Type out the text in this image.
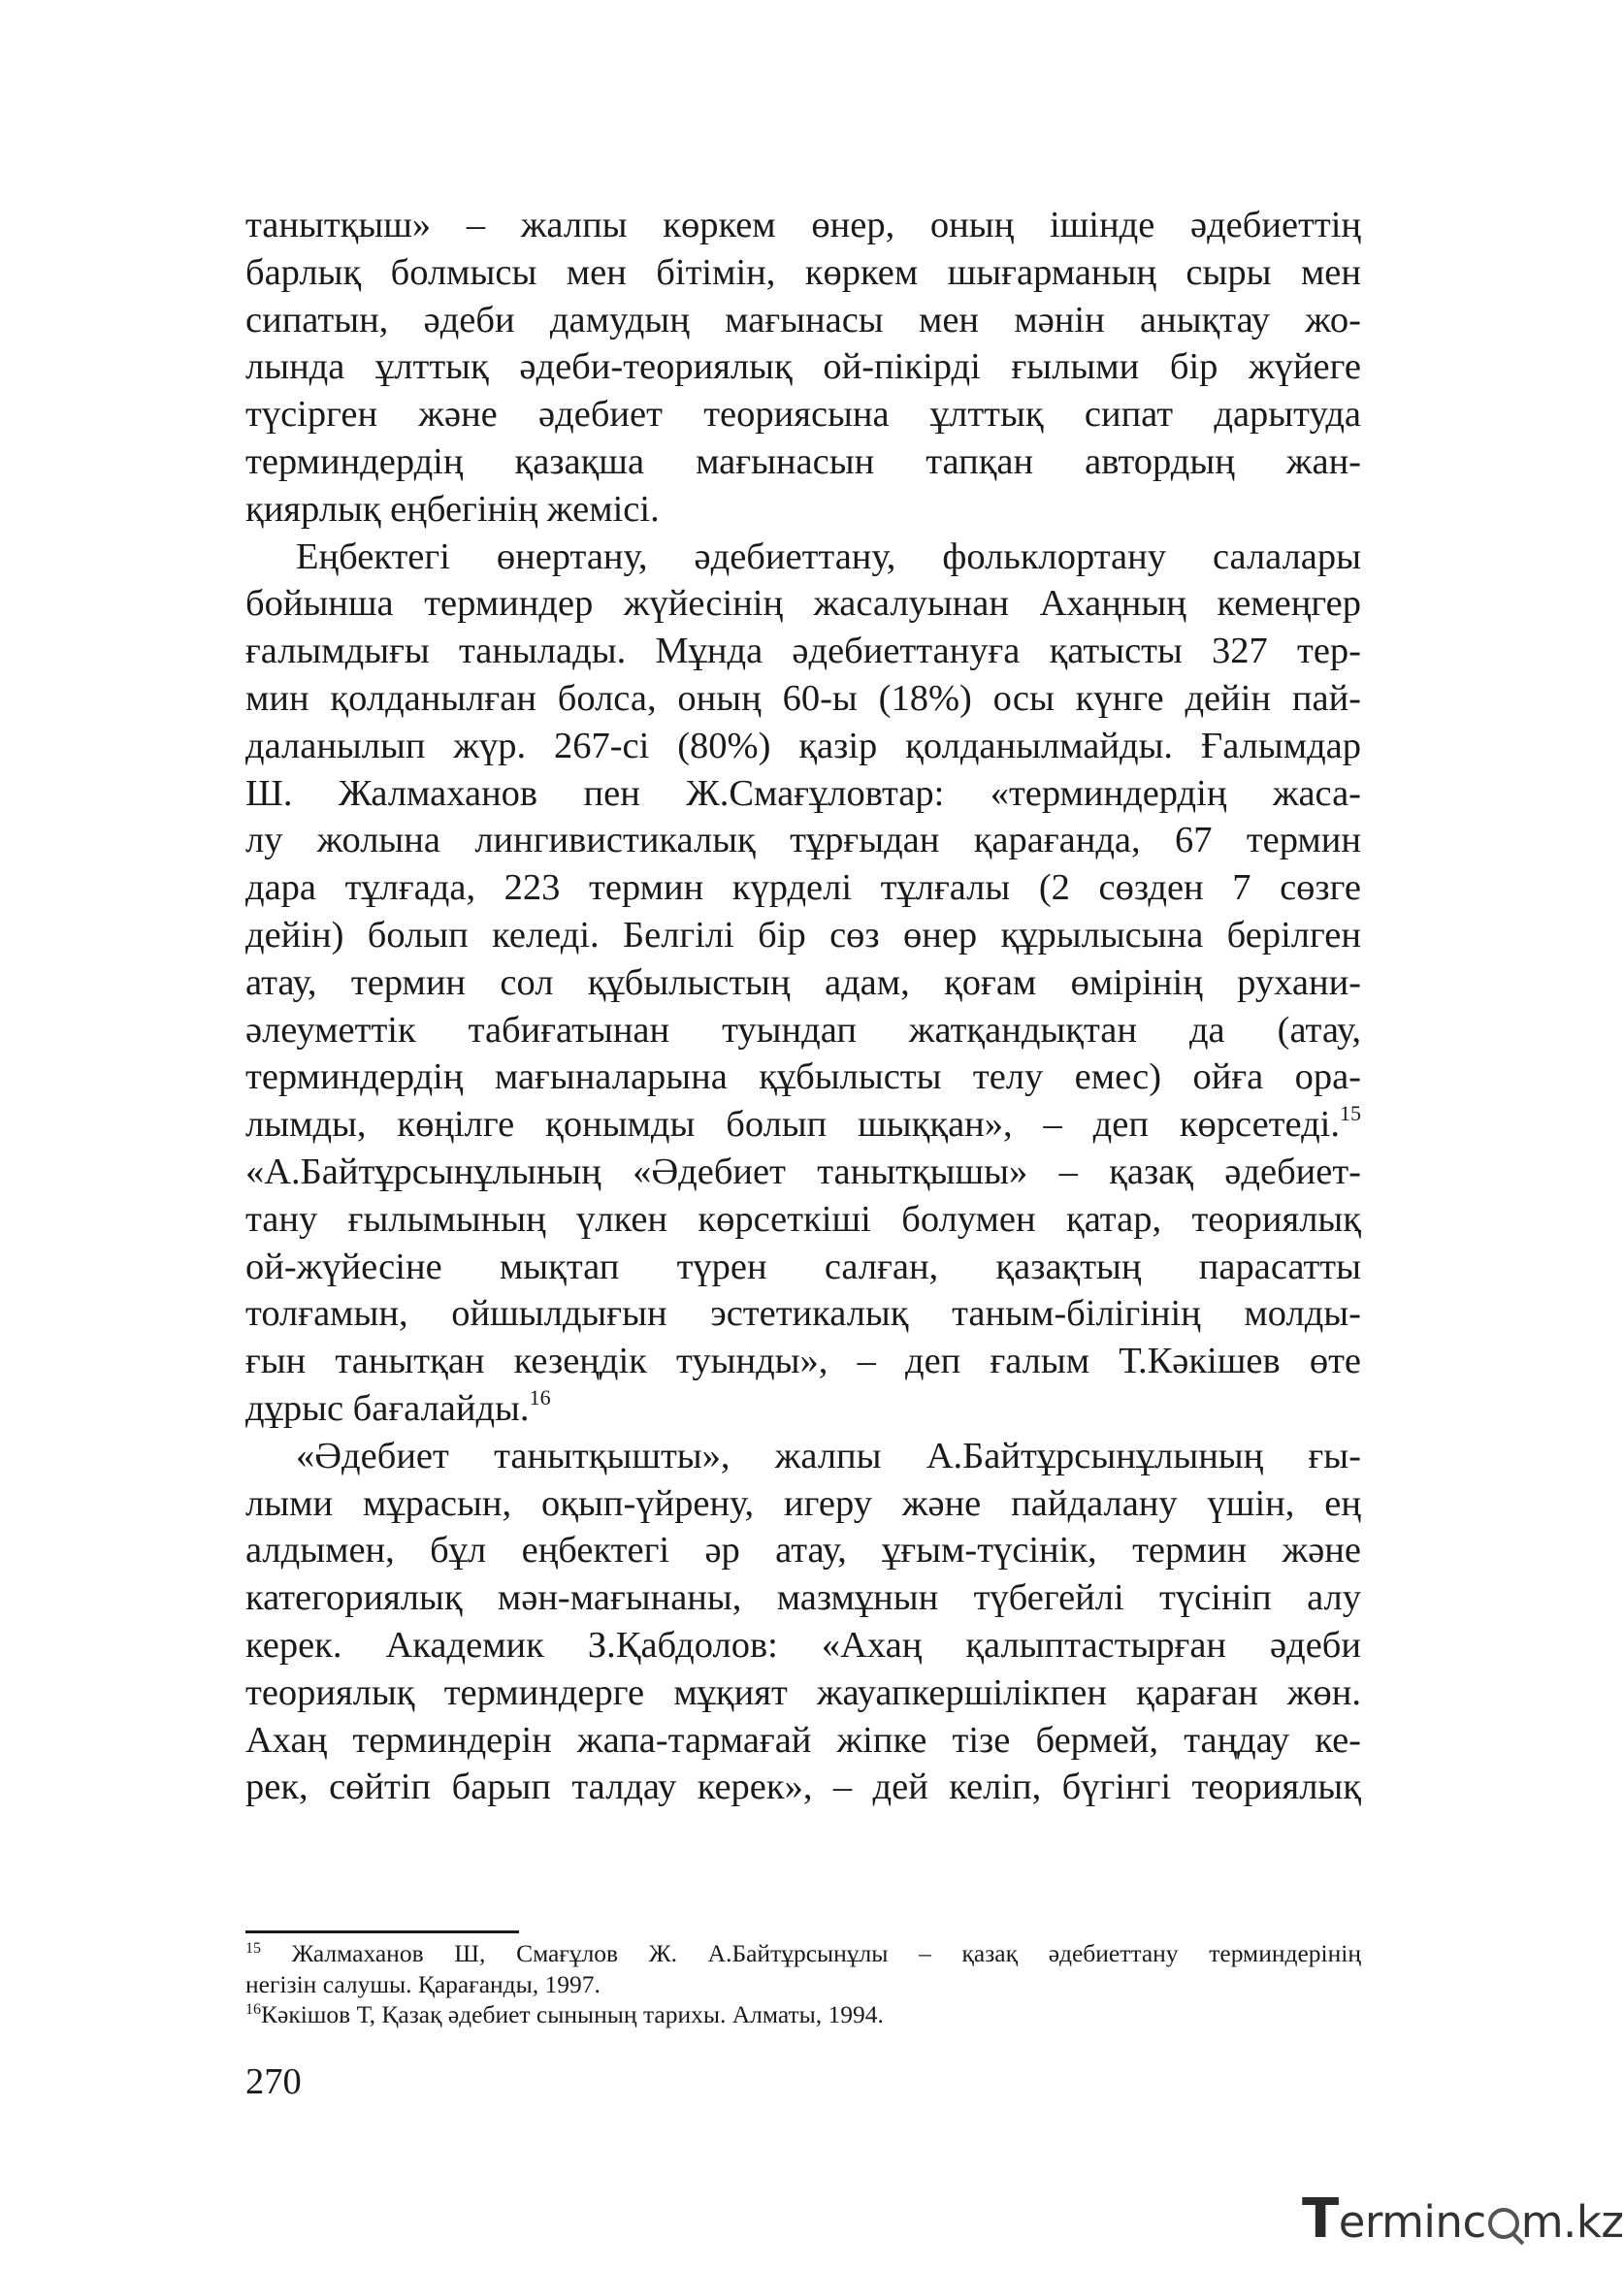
танытқыш» – жалпы көркем өнер, оның ішінде әдебиеттің
барлық болмысы мен бітімін, көркем шығарманың сыры мен
сипатын, әдеби дамудың мағынасы мен мәнін анықтау жо-
лында ұлттық әдеби-теориялық ой-пікірді ғылыми бір жүйеге
түсірген және әдебиет теориясына ұлттық сипат дарытуда
терминдердің қазақша мағынасын тапқан автордың жан-
қиярлық еңбегінің жемісі.
Еңбектегі өнертану, әдебиеттану, фольклортану салалары
бойынша терминдер жүйесінің жасалуынан Ахаңның кемеңгер
ғалымдығы танылады. Мұнда әдебиеттануға қатысты 327 тер-
мин қолданылған болса, оның 60-ы (18%) осы күнге дейін пай-
даланылып жүр. 267-сі (80%) қазір қолданылмайды. Ғалымдар
Ш. Жалмаханов пен Ж.Смағұловтар: «терминдердің жаса-
лу жолына лингивистикалық тұрғыдан қарағанда, 67 термин
дара тұлғада, 223 термин күрделі тұлғалы (2 сөзден 7 сөзге
дейін) болып келеді. Белгілі бір сөз өнер құрылысына берілген
атау, термин сол құбылыстың адам, қоғам өмірінің рухани-
әлеуметтік табиғатынан туындап жатқандықтан да (атау,
терминдердің мағыналарына құбылысты телу емес) ойға ора-
лымды, көңілге қонымды болып шыққан», – деп көрсетеді.$^{15}$
«А.Байтұрсынұлының «Әдебиет танытқышы» – қазақ әдебиет-
тану ғылымының үлкен көрсеткіші болумен қатар, теориялық
ой-жүйесіне мықтап түрен салған, қазақтың парасатты
толғамын, ойшылдығын эстетикалық таным-білігінің молды-
ғын танытқан кезеңдік туынды», – деп ғалым Т.Кәкішев өте
дұрыс бағалайды.$^{16}$
«Әдебиет танытқышты», жалпы А.Байтұрсынұлының ғы-
лыми мұрасын, оқып-үйрену, игеру және пайдалану үшін, ең
алдымен, бұл еңбектегі әр атау, ұғым-түсінік, термин және
категориялық мән-мағынаны, мазмұнын түбегейлі түсініп алу
керек. Академик З.Қабдолов: «Ахаң қалыптастырған әдеби
теориялық терминдерге мұқият жауапкершілікпен қараған жөн.
Ахаң терминдерін жапа-тармағай жіпке тізе бермей, таңдау ке-
рек, сөйтіп барып талдау керек», – дей келіп, бүгінгі теориялық
$^{15}$ Жалмаханов Ш, Смағұлов Ж. А.Байтұрсынұлы – қазақ әдебиеттану терминдерінің
негізін салушы. Қарағанды, 1997.
$^{16}$Кәкішов Т, Қазақ әдебиет сынының тарихы. Алматы, 1994.
270
Terminc m.kz
